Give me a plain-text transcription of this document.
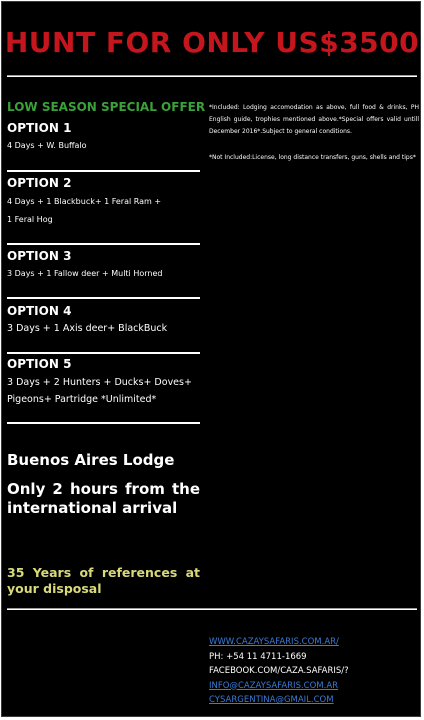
HUNT FOR ONLY US$3500

LOW SEASON SPECIAL OFFER

OPTION 1

4 Days + W. Buffalo

OPTION 2

4 Days + 1 Blackbuck+ 1 Feral Ram +

1 Feral Hog

OPTION 3

3 Days + 1 Fallow deer + Multi Horned

OPTION 4

3 Days + 1 Axis deer+ BlackBuck

OPTION 5

3 Days + 2 Hunters + Ducks+ Doves+

Pigeons+ Partridge *Unlimited*

*Included: Lodging accomodation as above, full food & drinks, PH English guide, trophies mentioned above.*Special offers valid untill December 2016*.Subject to general conditions.

*Not Included:License, long distance transfers, guns, shells and tips*

Buenos Aires Lodge

Only 2 hours from the international arrival

35 Years of references at your disposal

WWW.CAZAYSAFARIS.COM.AR/
PH: +54 11 4711-1669
FACEBOOK.COM/CAZA.SAFARIS/?
INFO@CAZAYSAFARIS.COM.AR
CYSARGENTINA@GMAIL.COM
